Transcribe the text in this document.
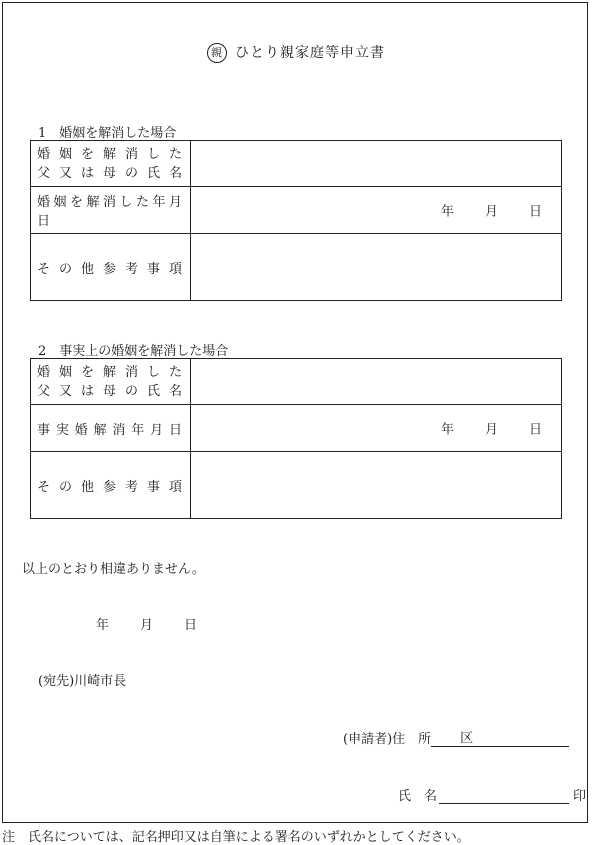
親 ひとり親家庭等申立書
1　婚姻を解消した場合
婚姻を解消した
父又は母の氏名	

婚姻を解消した年月日	年 月 日

その他参考事項	
2　事実上の婚姻を解消した場合
婚姻を解消した
父又は母の氏名	

事実婚解消年月日	年 月 日

その他参考事項	
以上のとおり相違ありません。
年 月 日
(宛先)川崎市長
(申請者)住　所 区
氏　名	印
注　氏名については、記名押印又は自筆による署名のいずれかとしてください。
